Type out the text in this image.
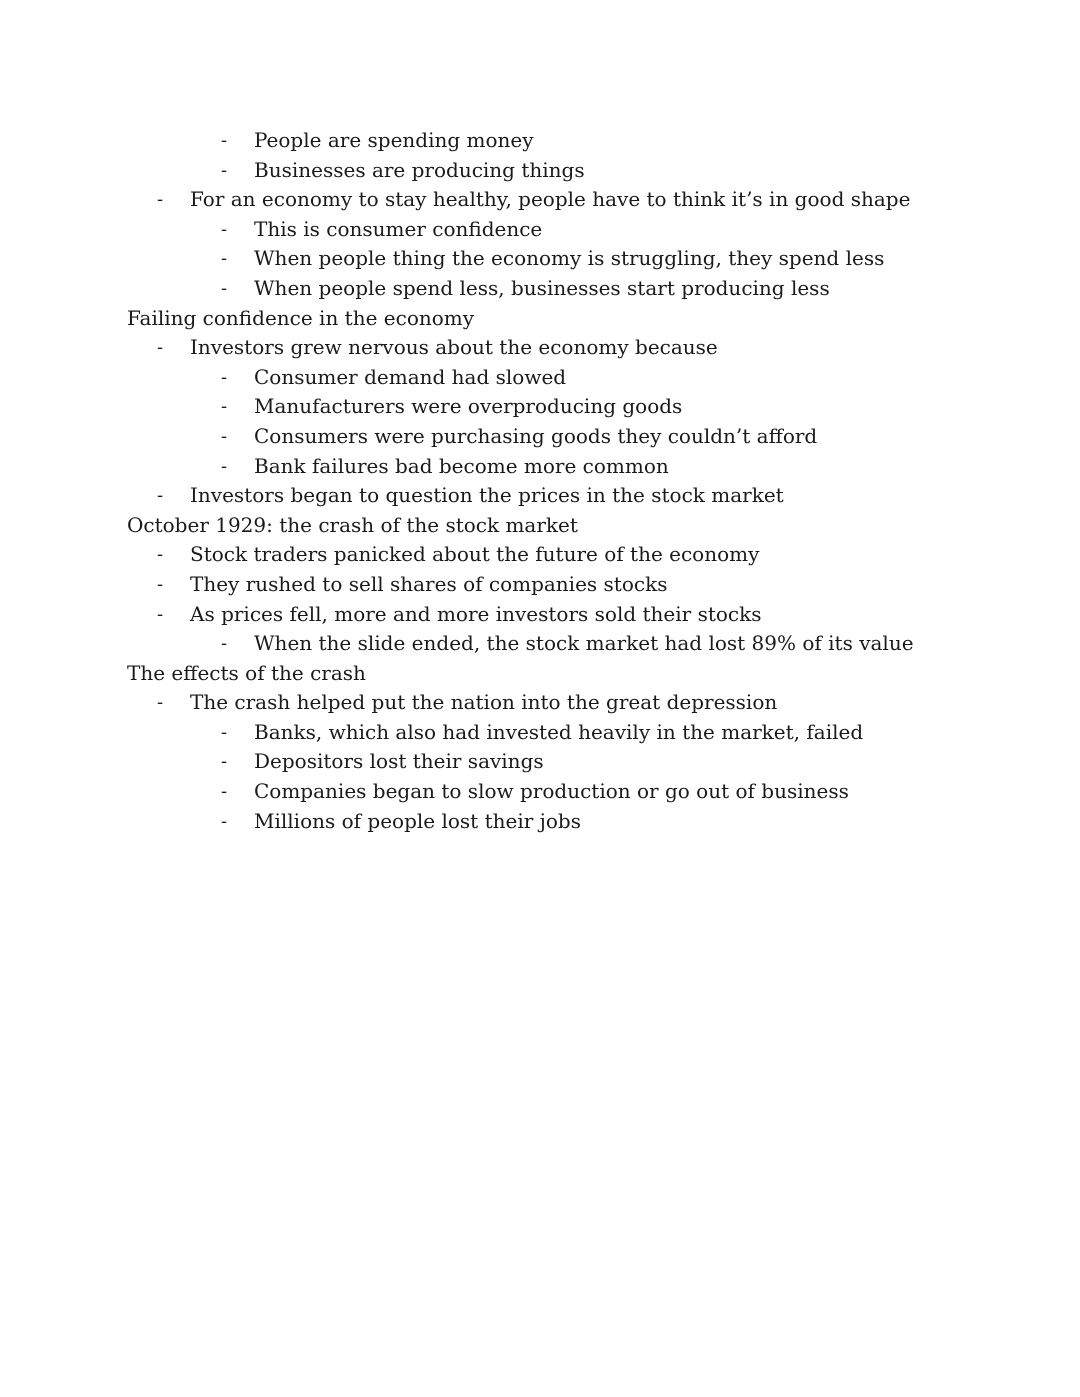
- People are spending money
- Businesses are producing things
- For an economy to stay healthy, people have to think it’s in good shape
- This is consumer confidence
- When people thing the economy is struggling, they spend less
- When people spend less, businesses start producing less
Failing confidence in the economy
- Investors grew nervous about the economy because
- Consumer demand had slowed
- Manufacturers were overproducing goods
- Consumers were purchasing goods they couldn’t afford
- Bank failures bad become more common
- Investors began to question the prices in the stock market
October 1929: the crash of the stock market
- Stock traders panicked about the future of the economy
- They rushed to sell shares of companies stocks
- As prices fell, more and more investors sold their stocks
- When the slide ended, the stock market had lost 89% of its value
The effects of the crash
- The crash helped put the nation into the great depression
- Banks, which also had invested heavily in the market, failed
- Depositors lost their savings
- Companies began to slow production or go out of business
- Millions of people lost their jobs
